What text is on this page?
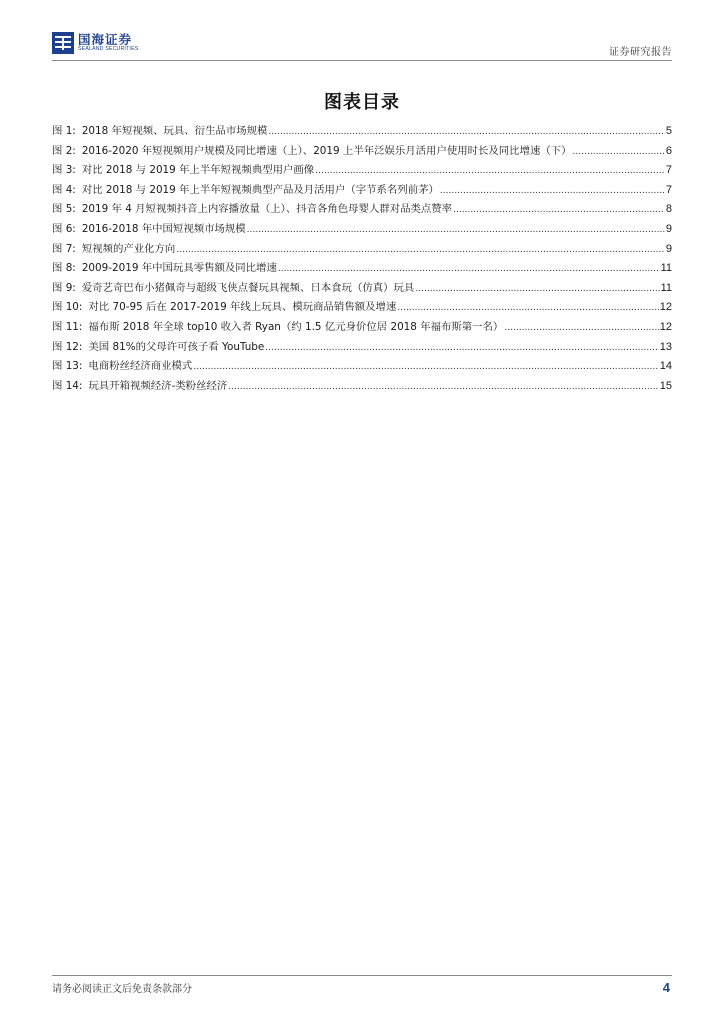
国海证券
SEALAND SECURITIES	证券研究报告
图表目录
图 1: 2018 年短视频、玩具、衍生品市场规模 .....	5
图 2: 2016-2020 年短视频用户规模及同比增速（上）、2019 上半年泛娱乐月活用户使用时长及同比增速（下） .....	6
图 3: 对比 2018 与 2019 年上半年短视频典型用户画像 .....	7
图 4: 对比 2018 与 2019 年上半年短视频典型产品及月活用户（字节系名列前茅） .....	7
图 5: 2019 年 4 月短视频抖音上内容播放量（上）、抖音各角色母婴人群对品类点赞率 .....	8
图 6: 2016-2018 年中国短视频市场规模 .....	9
图 7: 短视频的产业化方向 .....	9
图 8: 2009-2019 年中国玩具零售额及同比增速 .....	11
图 9: 爱奇艺奇巴布小猪佩奇与超级飞侠点餐玩具视频、日本食玩（仿真）玩具 .....	11
图 10: 对比 70-95 后在 2017-2019 年线上玩具、模玩商品销售额及增速 .....	12
图 11: 福布斯 2018 年全球 top10 收入者 Ryan（约 1.5 亿元身价位居 2018 年福布斯第一名） .....	12
图 12: 美国 81%的父母许可孩子看 YouTube .....	13
图 13: 电商粉丝经济商业模式 .....	14
图 14: 玩具开箱视频经济-类粉丝经济 .....	15
请务必阅读正文后免责条款部分	4
